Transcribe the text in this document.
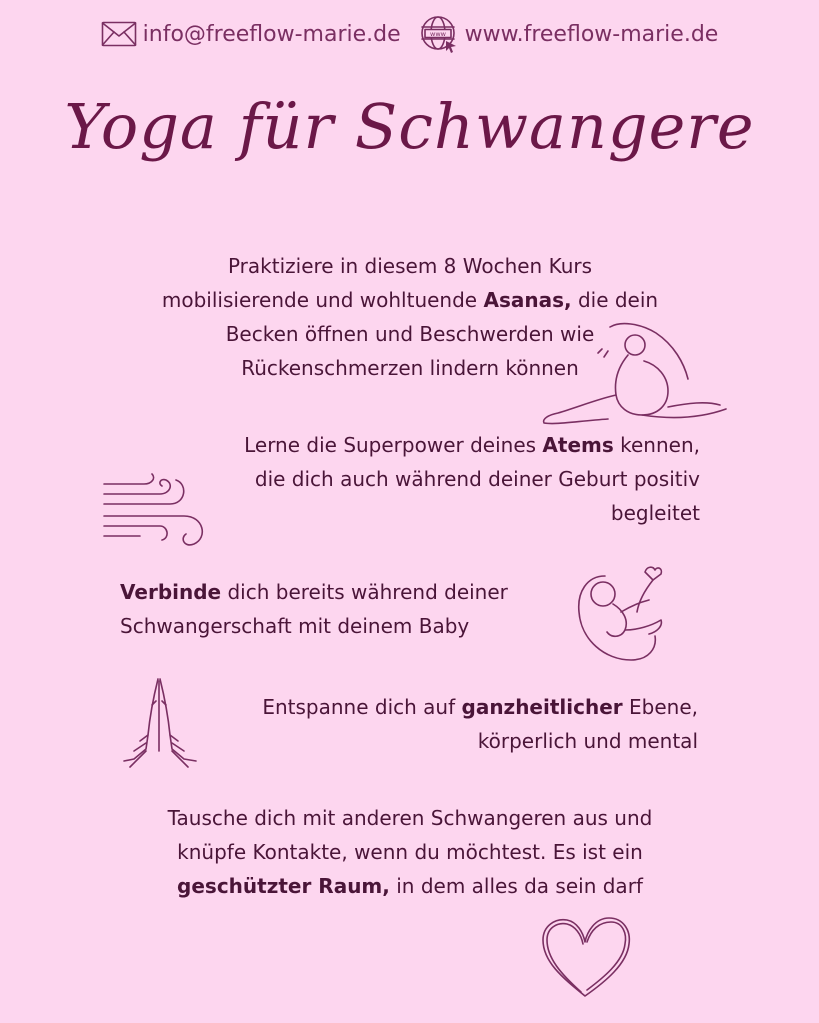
info@freeflow-marie.de	www www.freeflow-marie.de
Yoga für Schwangere
Praktiziere in diesem 8 Wochen Kurs
mobilisierende und wohltuende Asanas, die dein
Becken öffnen und Beschwerden wie
Rückenschmerzen lindern können
Lerne die Superpower deines Atems kennen,
die dich auch während deiner Geburt positiv
begleitet
Verbinde dich bereits während deiner
Schwangerschaft mit deinem Baby
Entspanne dich auf ganzheitlicher Ebene,
körperlich und mental
Tausche dich mit anderen Schwangeren aus und
knüpfe Kontakte, wenn du möchtest. Es ist ein
geschützter Raum, in dem alles da sein darf
